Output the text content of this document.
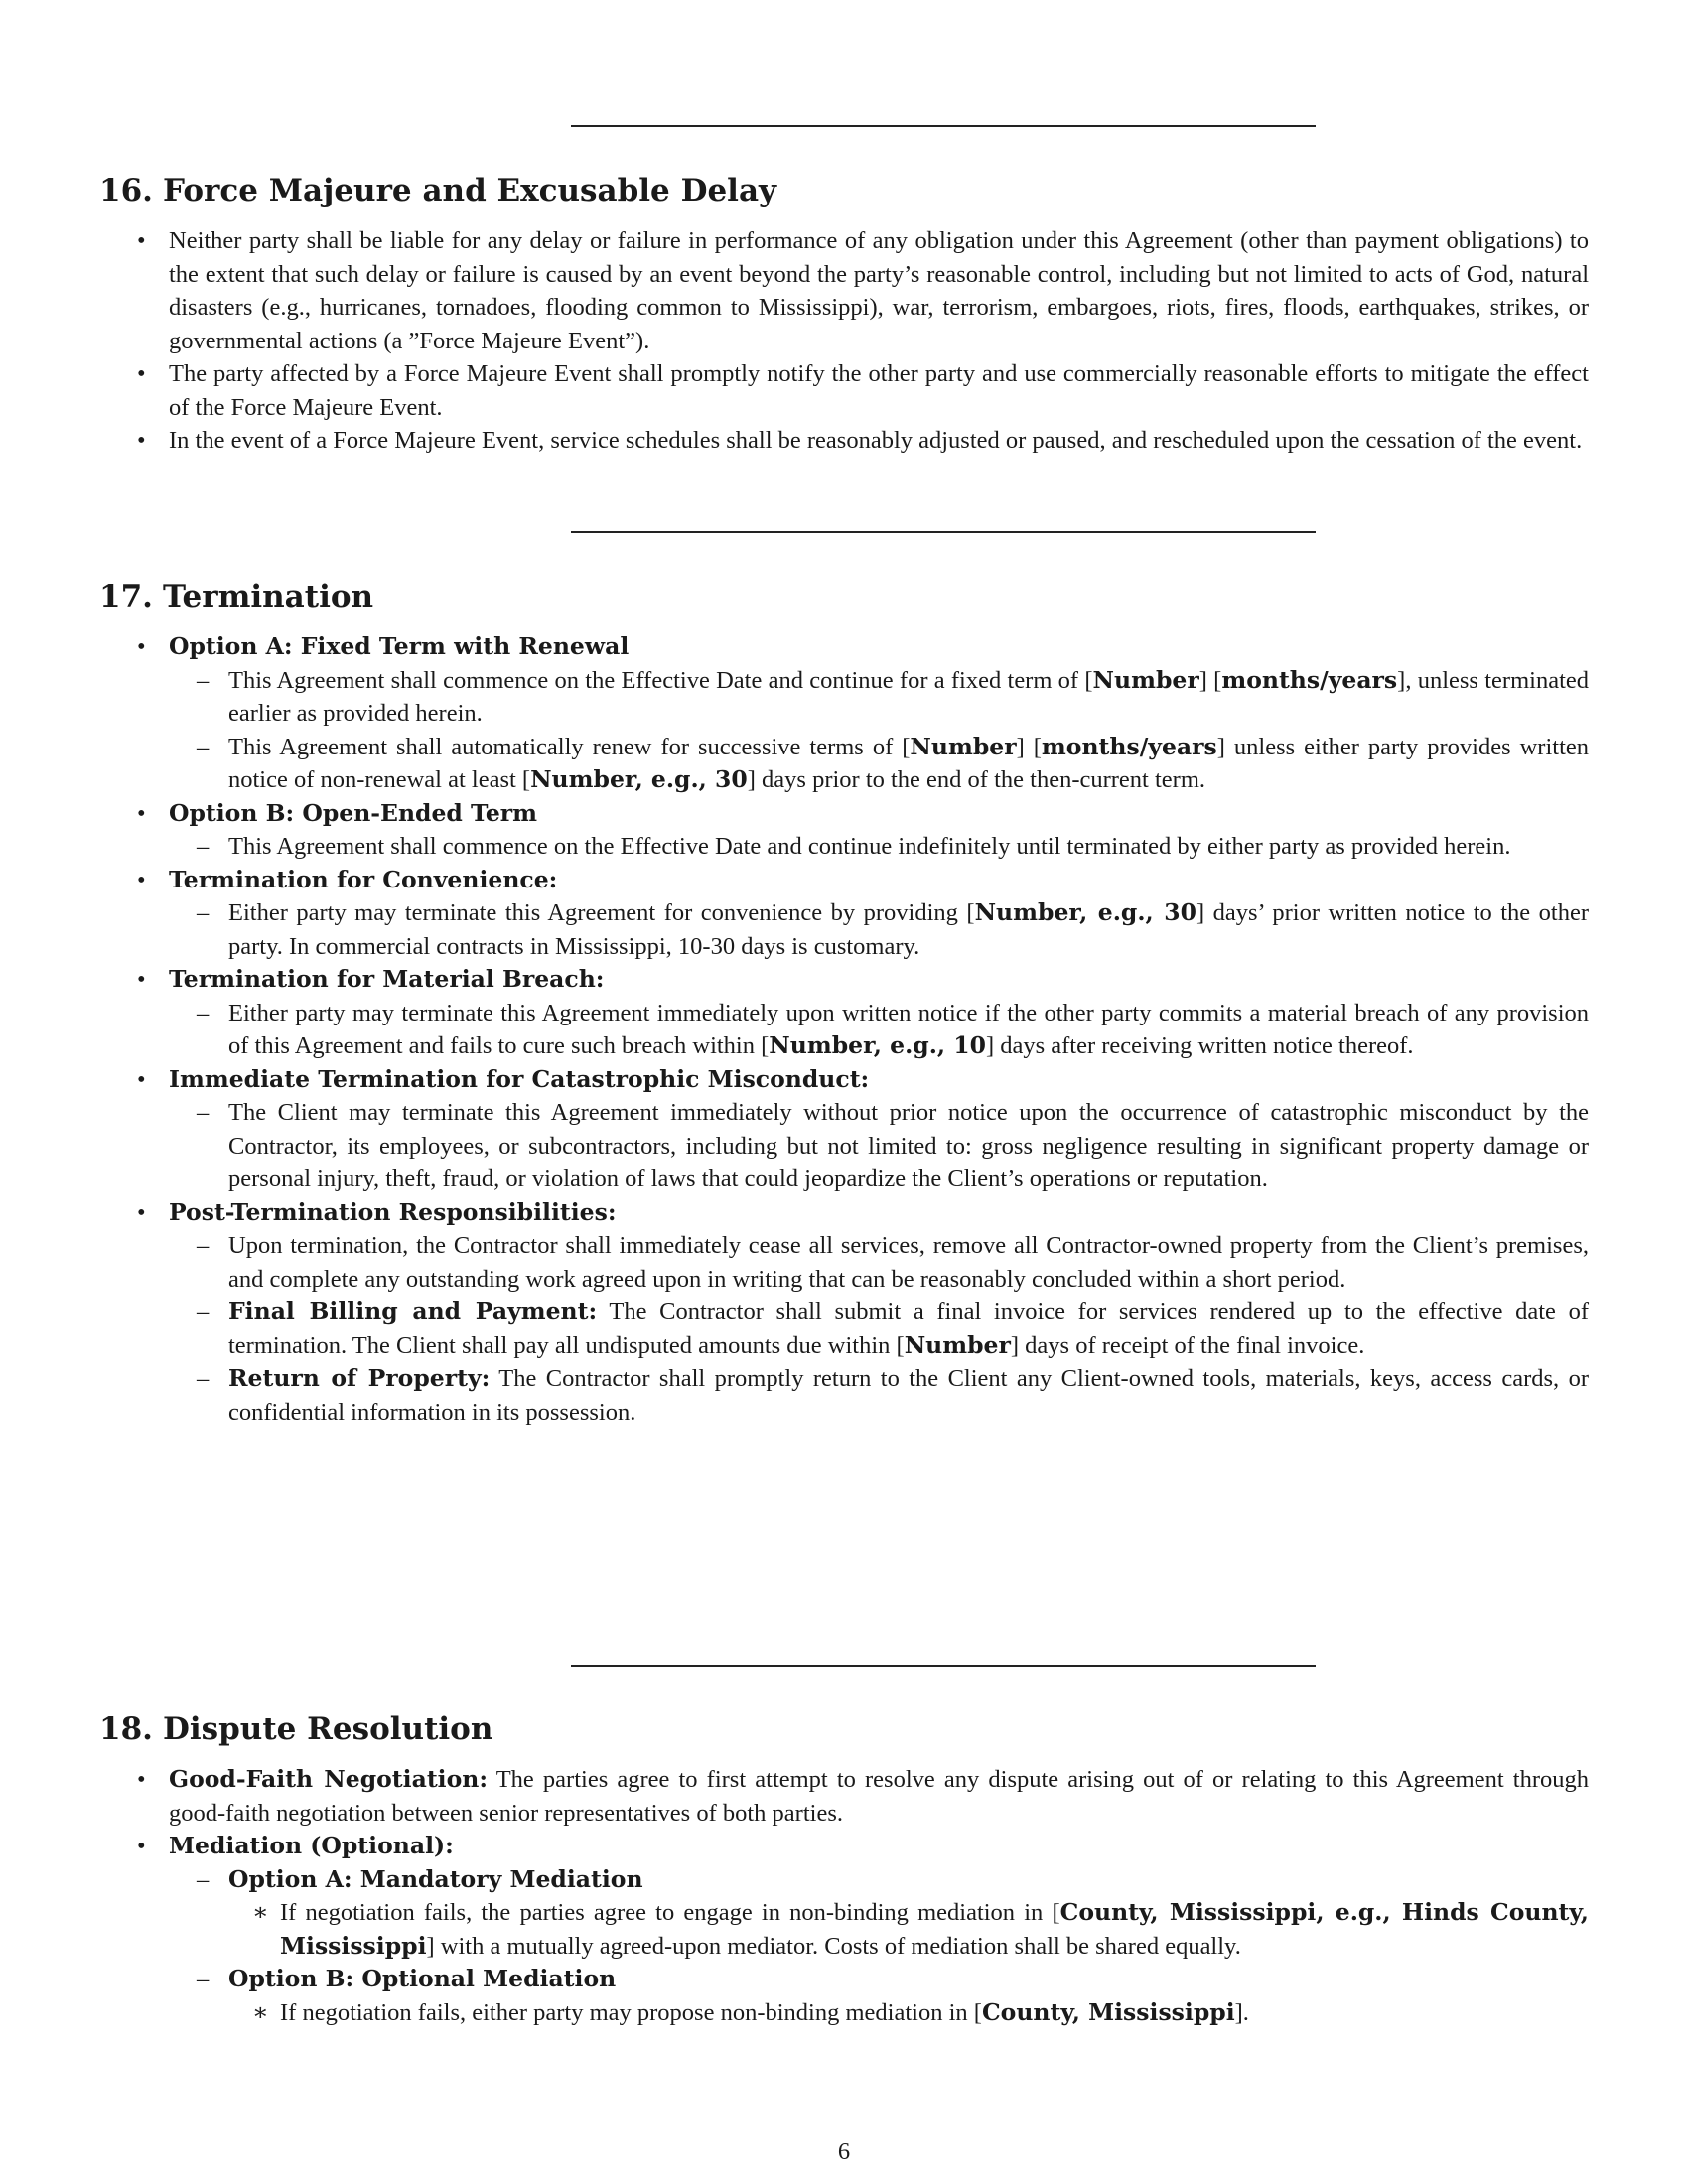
16. Force Majeure and Excusable Delay
• Neither party shall be liable for any delay or failure in performance of any obligation under this Agreement (other than payment obligations) to the extent that such delay or failure is caused by an event beyond the party’s reasonable control, including but not limited to acts of God, natural disasters (e.g., hurricanes, tornadoes, flooding common to Mississippi), war, terrorism, embargoes, riots, fires, floods, earthquakes, strikes, or governmental actions (a ”Force Majeure Event”).
• The party affected by a Force Majeure Event shall promptly notify the other party and use commercially reasonable efforts to mitigate the effect of the Force Majeure Event.
• In the event of a Force Majeure Event, service schedules shall be reasonably adjusted or paused, and rescheduled upon the cessation of the event.
17. Termination
• Option A: Fixed Term with Renewal
– This Agreement shall commence on the Effective Date and continue for a fixed term of [Number] [months/years], unless terminated earlier as provided herein.
– This Agreement shall automatically renew for successive terms of [Number] [months/years] unless either party provides written notice of non-renewal at least [Number, e.g., 30] days prior to the end of the then-current term.
• Option B: Open-Ended Term
– This Agreement shall commence on the Effective Date and continue indefinitely until terminated by either party as provided herein.
• Termination for Convenience:
– Either party may terminate this Agreement for convenience by providing [Number, e.g., 30] days’ prior written notice to the other party. In commercial contracts in Mississippi, 10-30 days is customary.
• Termination for Material Breach:
– Either party may terminate this Agreement immediately upon written notice if the other party commits a material breach of any provision of this Agreement and fails to cure such breach within [Number, e.g., 10] days after receiving written notice thereof.
• Immediate Termination for Catastrophic Misconduct:
– The Client may terminate this Agreement immediately without prior notice upon the occurrence of catastrophic misconduct by the Contractor, its employees, or subcontractors, including but not limited to: gross negligence resulting in significant property damage or personal injury, theft, fraud, or violation of laws that could jeopardize the Client’s operations or reputation.
• Post-Termination Responsibilities:
– Upon termination, the Contractor shall immediately cease all services, remove all Contractor-owned property from the Client’s premises, and complete any outstanding work agreed upon in writing that can be reasonably concluded within a short period.
– Final Billing and Payment: The Contractor shall submit a final invoice for services rendered up to the effective date of termination. The Client shall pay all undisputed amounts due within [Number] days of receipt of the final invoice.
– Return of Property: The Contractor shall promptly return to the Client any Client-owned tools, materials, keys, access cards, or confidential information in its possession.
18. Dispute Resolution
• Good-Faith Negotiation: The parties agree to first attempt to resolve any dispute arising out of or relating to this Agreement through good-faith negotiation between senior representatives of both parties.
• Mediation (Optional):
– Option A: Mandatory Mediation
∗ If negotiation fails, the parties agree to engage in non-binding mediation in [County, Mississippi, e.g., Hinds County, Mississippi] with a mutually agreed-upon mediator. Costs of mediation shall be shared equally.
– Option B: Optional Mediation
∗ If negotiation fails, either party may propose non-binding mediation in [County, Mississippi].
6
